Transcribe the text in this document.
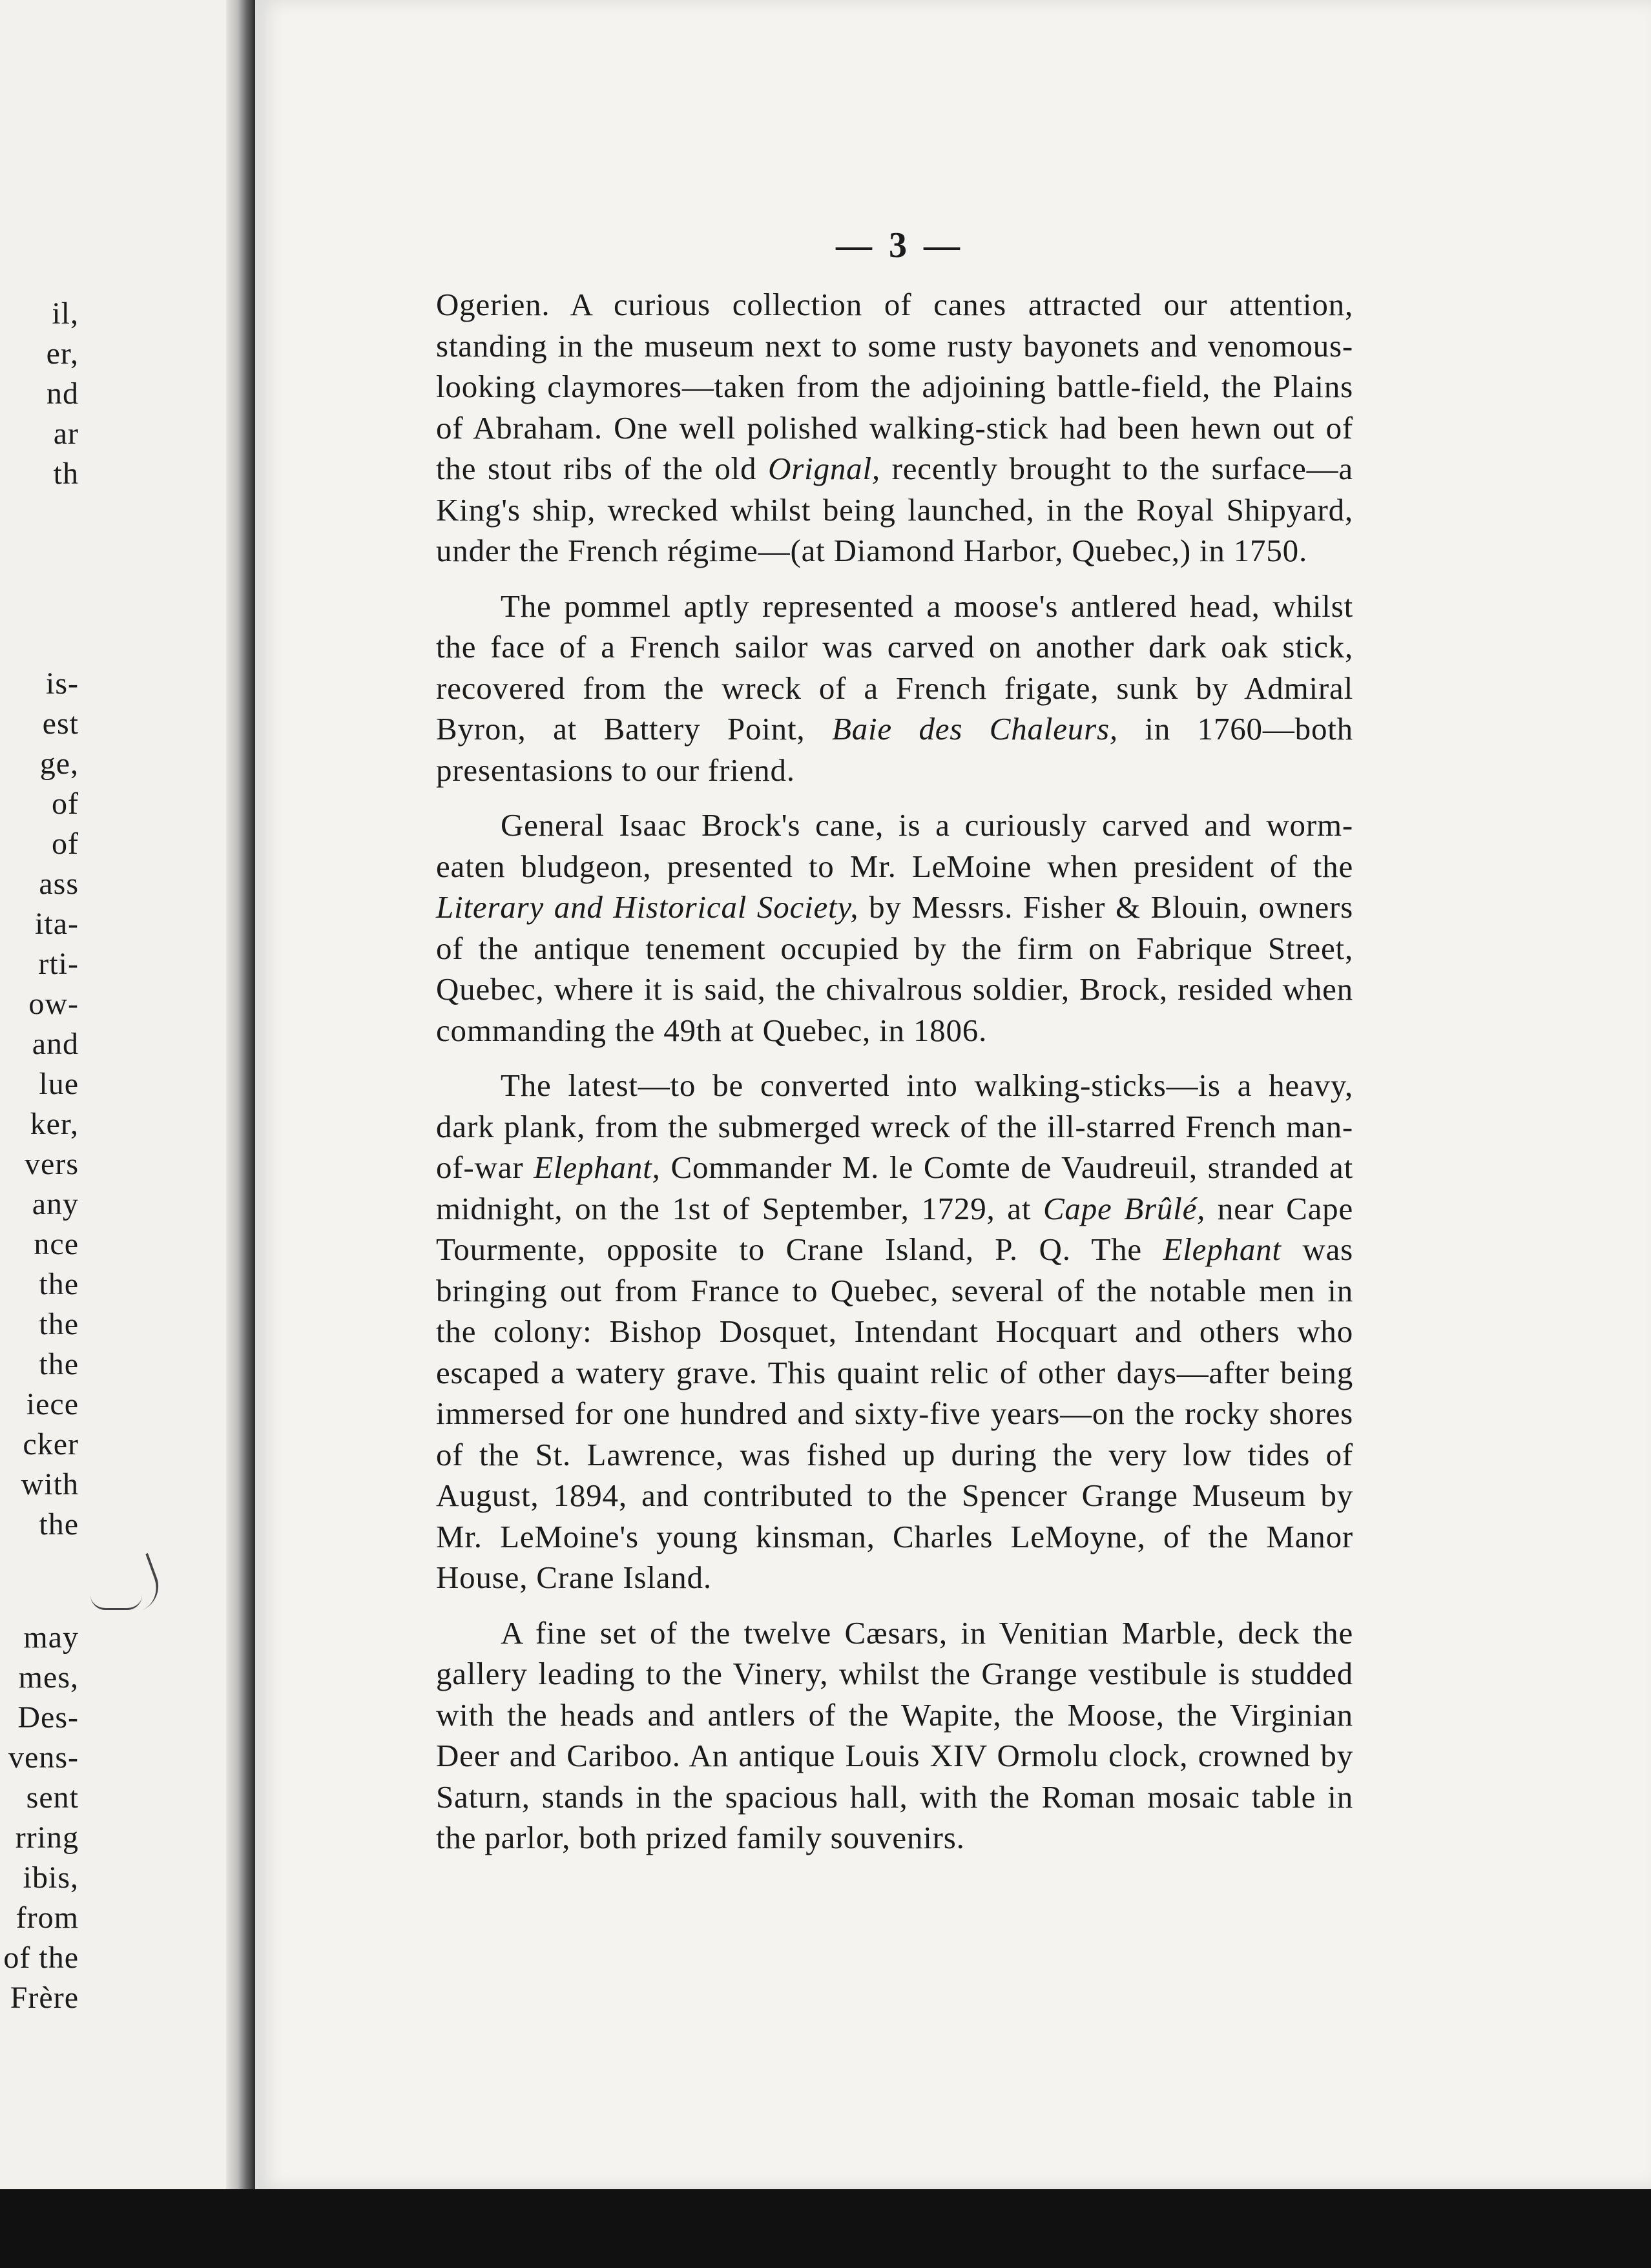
il,
er,
nd
ar
th
is-
est
ge,
of
of
ass
ita-
rti-
ow-
and
lue
ker,
vers
any
nce
the
the
the
iece
cker
with
the
may
mes,
Des-
vens-
sent
rring
ibis,
from
of the
Frère
— 3 —

Ogerien. A curious collection of canes attracted our attention, standing in the museum next to some rusty bayonets and venomous-looking claymores—taken from the adjoining battle-field, the Plains of Abraham. One well polished walking-stick had been hewn out of the stout ribs of the old Orignal, recently brought to the surface—a King's ship, wrecked whilst being launched, in the Royal Shipyard, under the French régime—(at Diamond Harbor, Quebec,) in 1750.

The pommel aptly represented a moose's antlered head, whilst the face of a French sailor was carved on another dark oak stick, recovered from the wreck of a French frigate, sunk by Admiral Byron, at Battery Point, Baie des Chaleurs, in 1760—both presentasions to our friend.

General Isaac Brock's cane, is a curiously carved and worm-eaten bludgeon, presented to Mr. LeMoine when president of the Literary and Historical Society, by Messrs. Fisher & Blouin, owners of the antique tenement occupied by the firm on Fabrique Street, Quebec, where it is said, the chivalrous soldier, Brock, resided when commanding the 49th at Quebec, in 1806.

The latest—to be converted into walking-sticks—is a heavy, dark plank, from the submerged wreck of the ill-starred French man-of-war Elephant, Commander M. le Comte de Vaudreuil, stranded at midnight, on the 1st of September, 1729, at Cape Brûlé, near Cape Tourmente, opposite to Crane Island, P. Q. The Elephant was bringing out from France to Quebec, several of the notable men in the colony: Bishop Dosquet, Intendant Hocquart and others who escaped a watery grave. This quaint relic of other days—after being immersed for one hundred and sixty-five years—on the rocky shores of the St. Lawrence, was fished up during the very low tides of August, 1894, and contributed to the Spencer Grange Museum by Mr. LeMoine's young kinsman, Charles LeMoyne, of the Manor House, Crane Island.

A fine set of the twelve Cæsars, in Venitian Marble, deck the gallery leading to the Vinery, whilst the Grange vestibule is studded with the heads and antlers of the Wapite, the Moose, the Virginian Deer and Cariboo. An antique Louis XIV Ormolu clock, crowned by Saturn, stands in the spacious hall, with the Roman mosaic table in the parlor, both prized family souvenirs.
